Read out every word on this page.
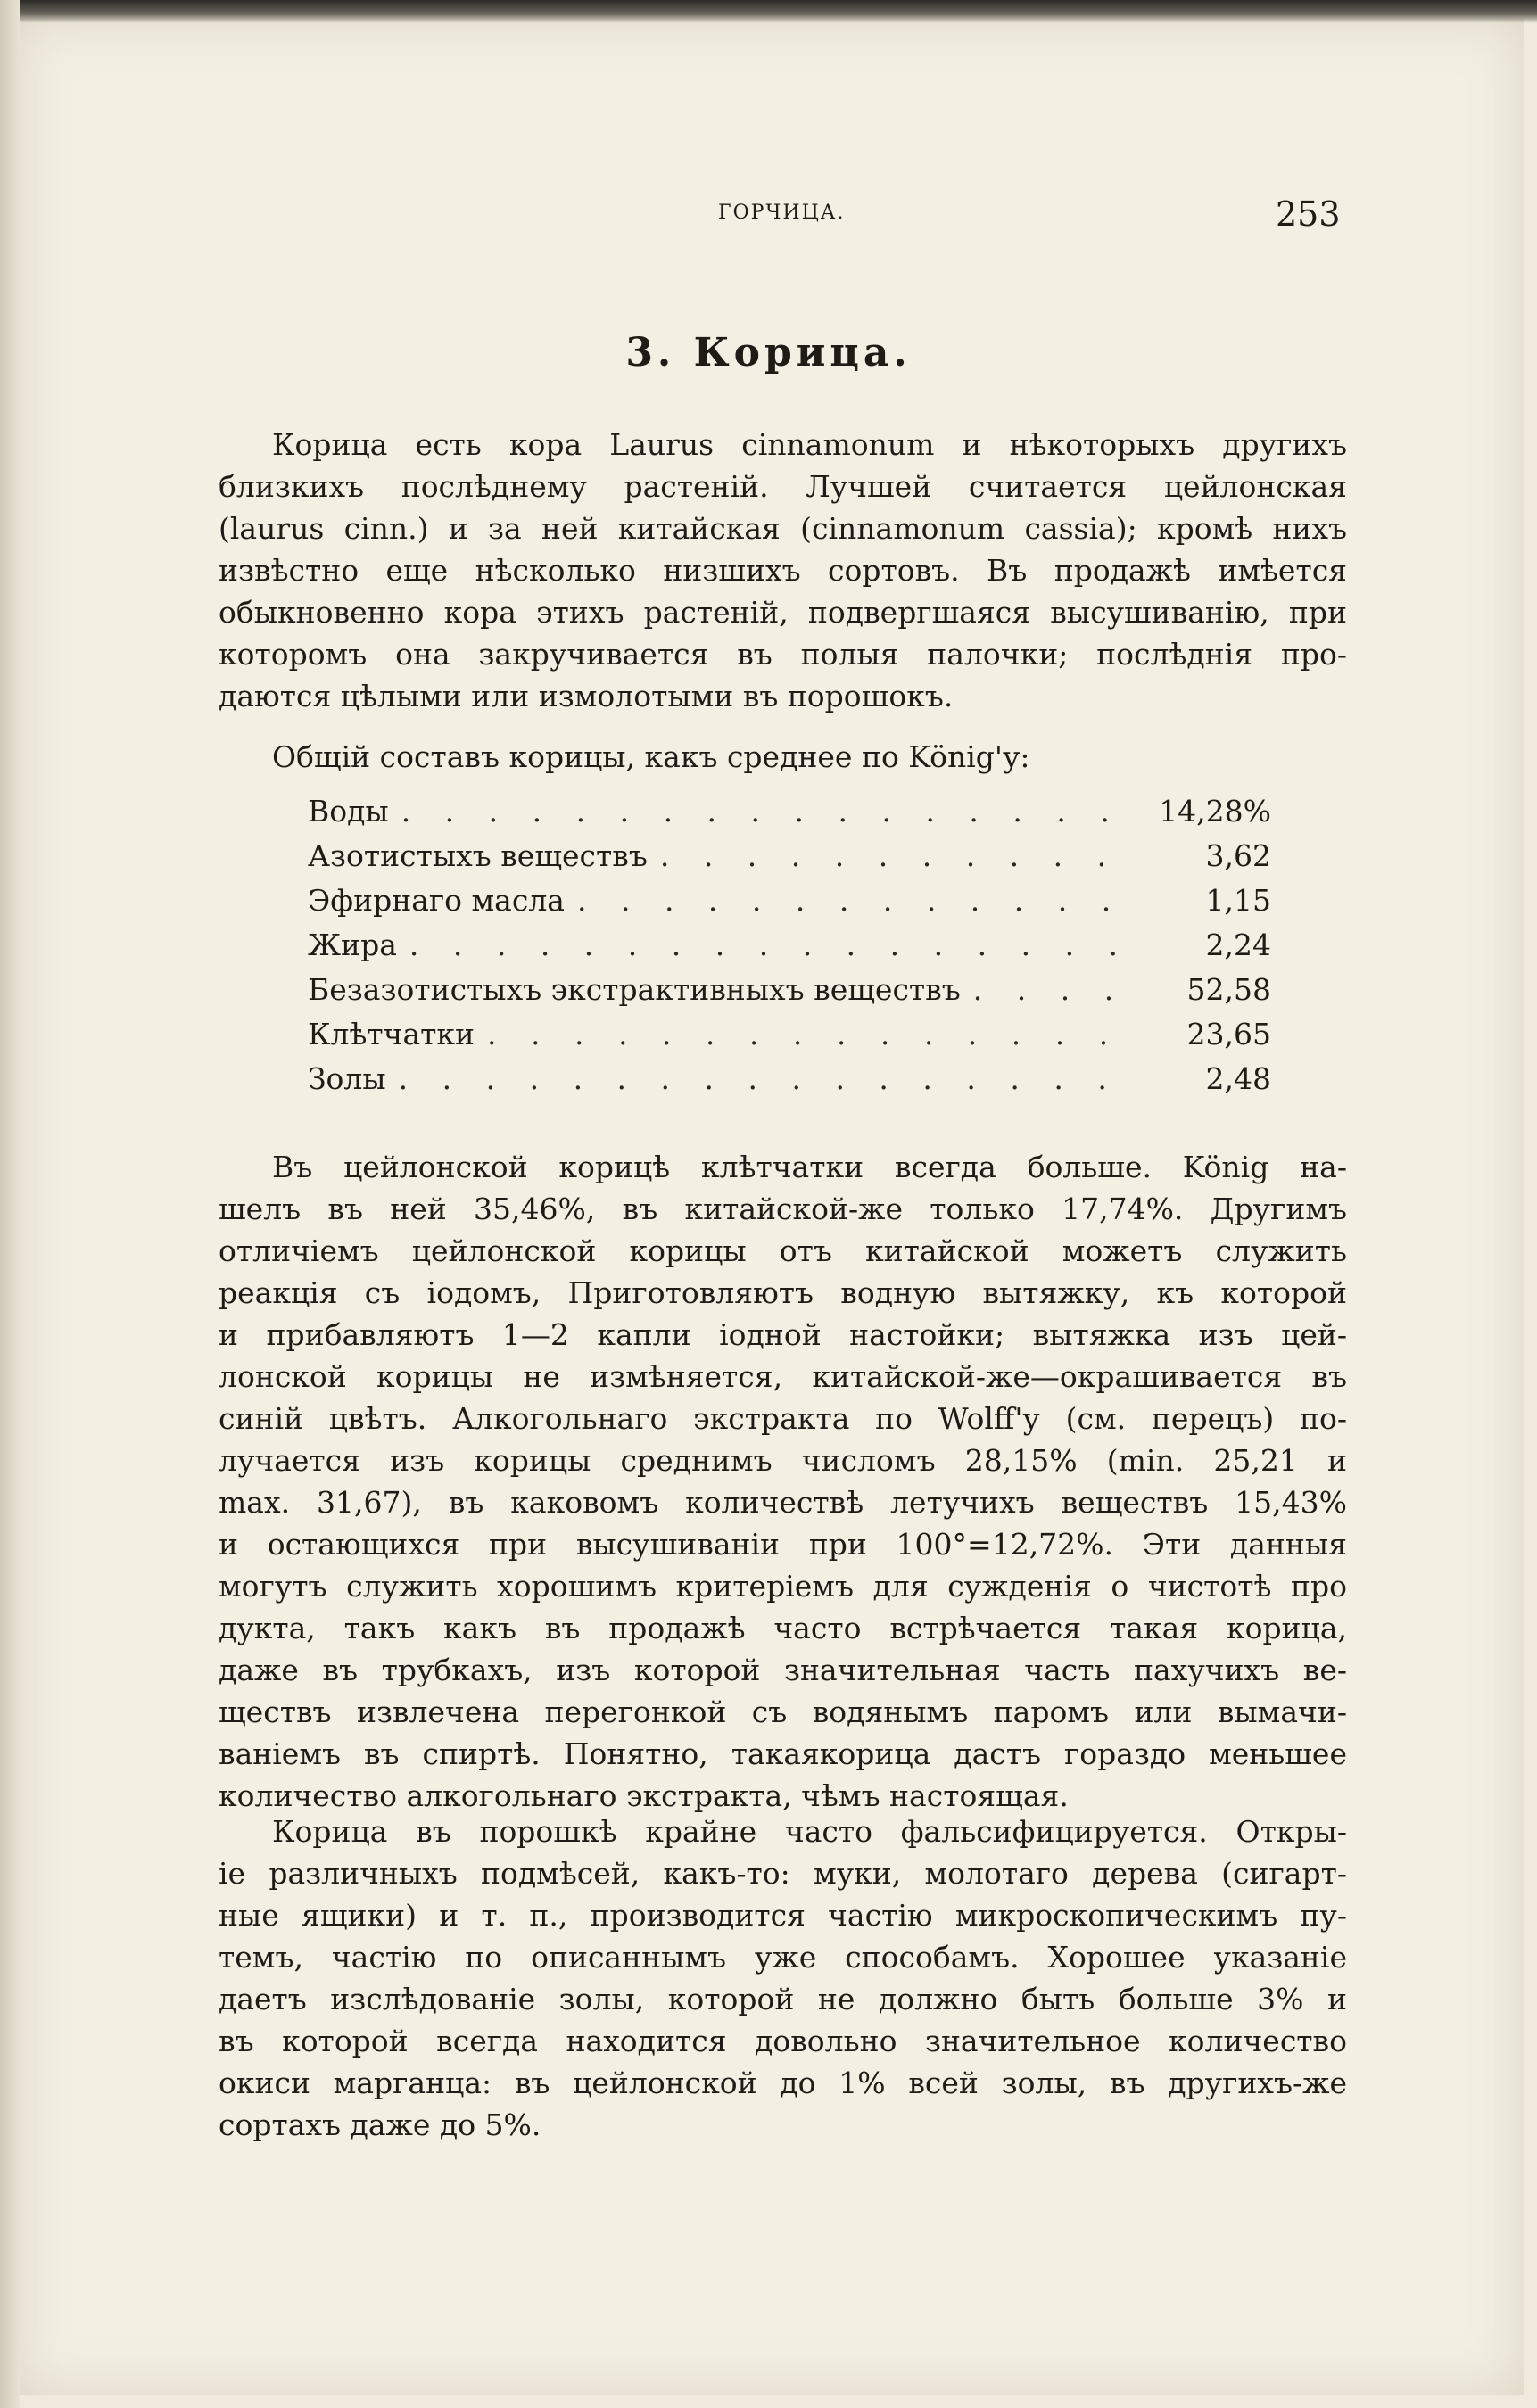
ГОРЧИЦА.	253
3. Корица.
Корица есть кора Laurus cinnamonum и нѣкоторыхъ другихъ
близкихъ послѣднему растеній. Лучшей считается цейлонская
(laurus cinn.) и за ней китайская (cinnamonum cassia); кромѣ нихъ
извѣстно еще нѣсколько низшихъ сортовъ. Въ продажѣ имѣется
обыкновенно кора этихъ растеній, подвергшаяся высушиванію, при
которомъ она закручивается въ полыя палочки; послѣднія про-
даются цѣлыми или измолотыми въ порошокъ.
Общій составъ корицы, какъ среднее по König'у:
Воды . . .	14,28%
Азотистыхъ веществъ . . .	3,62
Эфирнаго масла . . .	1,15
Жира . . .	2,24
Безазотистыхъ экстрактивныхъ веществъ . . .	52,58
Клѣтчатки . . .	23,65
Золы . . .	2,48
Въ цейлонской корицѣ клѣтчатки всегда больше. König на-
шелъ въ ней 35,46%, въ китайской-же только 17,74%. Другимъ
отличіемъ цейлонской корицы отъ китайской можетъ служить
реакція съ іодомъ, Приготовляютъ водную вытяжку, къ которой
и прибавляютъ 1—2 капли іодной настойки; вытяжка изъ цей-
лонской корицы не измѣняется, китайской-же—окрашивается въ
синій цвѣтъ. Алкогольнаго экстракта по Wolff'у (см. перецъ) по-
лучается изъ корицы среднимъ числомъ 28,15% (min. 25,21 и
max. 31,67), въ каковомъ количествѣ летучихъ веществъ 15,43%
и остающихся при высушиваніи при 100°=12,72%. Эти данныя
могутъ служить хорошимъ критеріемъ для сужденія о чистотѣ про
дукта, такъ какъ въ продажѣ часто встрѣчается такая корица,
даже въ трубкахъ, изъ которой значительная часть пахучихъ ве-
ществъ извлечена перегонкой съ водянымъ паромъ или вымачи-
ваніемъ въ спиртѣ. Понятно, такаякорица дастъ гораздо меньшее
количество алкогольнаго экстракта, чѣмъ настоящая.
Корица въ порошкѣ крайне часто фальсифицируется. Откры-
іе различныхъ подмѣсей, какъ-то: муки, молотаго дерева (сигарт-
ные ящики) и т. п., производится частію микроскопическимъ пу-
темъ, частію по описаннымъ уже способамъ. Хорошее указаніе
даетъ изслѣдованіе золы, которой не должно быть больше 3% и
въ которой всегда находится довольно значительное количество
окиси марганца: въ цейлонской до 1% всей золы, въ другихъ-же
сортахъ даже до 5%.
